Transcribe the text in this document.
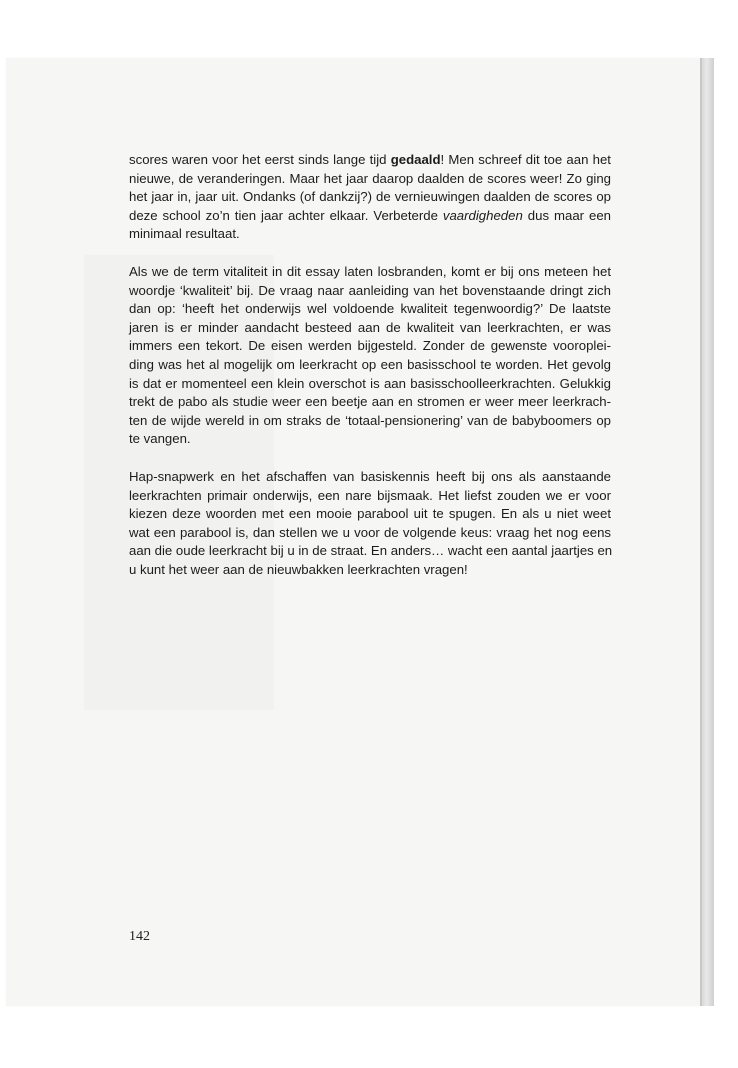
scores waren voor het eerst sinds lange tijd gedaald! Men schreef dit toe aan het
nieuwe, de veranderingen. Maar het jaar daarop daalden de scores weer! Zo ging
het jaar in, jaar uit. Ondanks (of dankzij?) de vernieuwingen daalden de scores op
deze school zo’n tien jaar achter elkaar. Verbeterde vaardigheden dus maar een
minimaal resultaat.

Als we de term vitaliteit in dit essay laten losbranden, komt er bij ons meteen het
woordje ‘kwaliteit’ bij. De vraag naar aanleiding van het bovenstaande dringt zich
dan op: ‘heeft het onderwijs wel voldoende kwaliteit tegenwoordig?’ De laatste
jaren is er minder aandacht besteed aan de kwaliteit van leerkrachten, er was
immers een tekort. De eisen werden bijgesteld. Zonder de gewenste vooroplei-
ding was het al mogelijk om leerkracht op een basisschool te worden. Het gevolg
is dat er momenteel een klein overschot is aan basisschoolleerkrachten. Gelukkig
trekt de pabo als studie weer een beetje aan en stromen er weer meer leerkrach-
ten de wijde wereld in om straks de ‘totaal-pensionering’ van de babyboomers op
te vangen.

Hap-snapwerk en het afschaffen van basiskennis heeft bij ons als aanstaande
leerkrachten primair onderwijs, een nare bijsmaak. Het liefst zouden we er voor
kiezen deze woorden met een mooie parabool uit te spugen. En als u niet weet
wat een parabool is, dan stellen we u voor de volgende keus: vraag het nog eens
aan die oude leerkracht bij u in de straat. En anders… wacht een aantal jaartjes en
u kunt het weer aan de nieuwbakken leerkrachten vragen!

142
